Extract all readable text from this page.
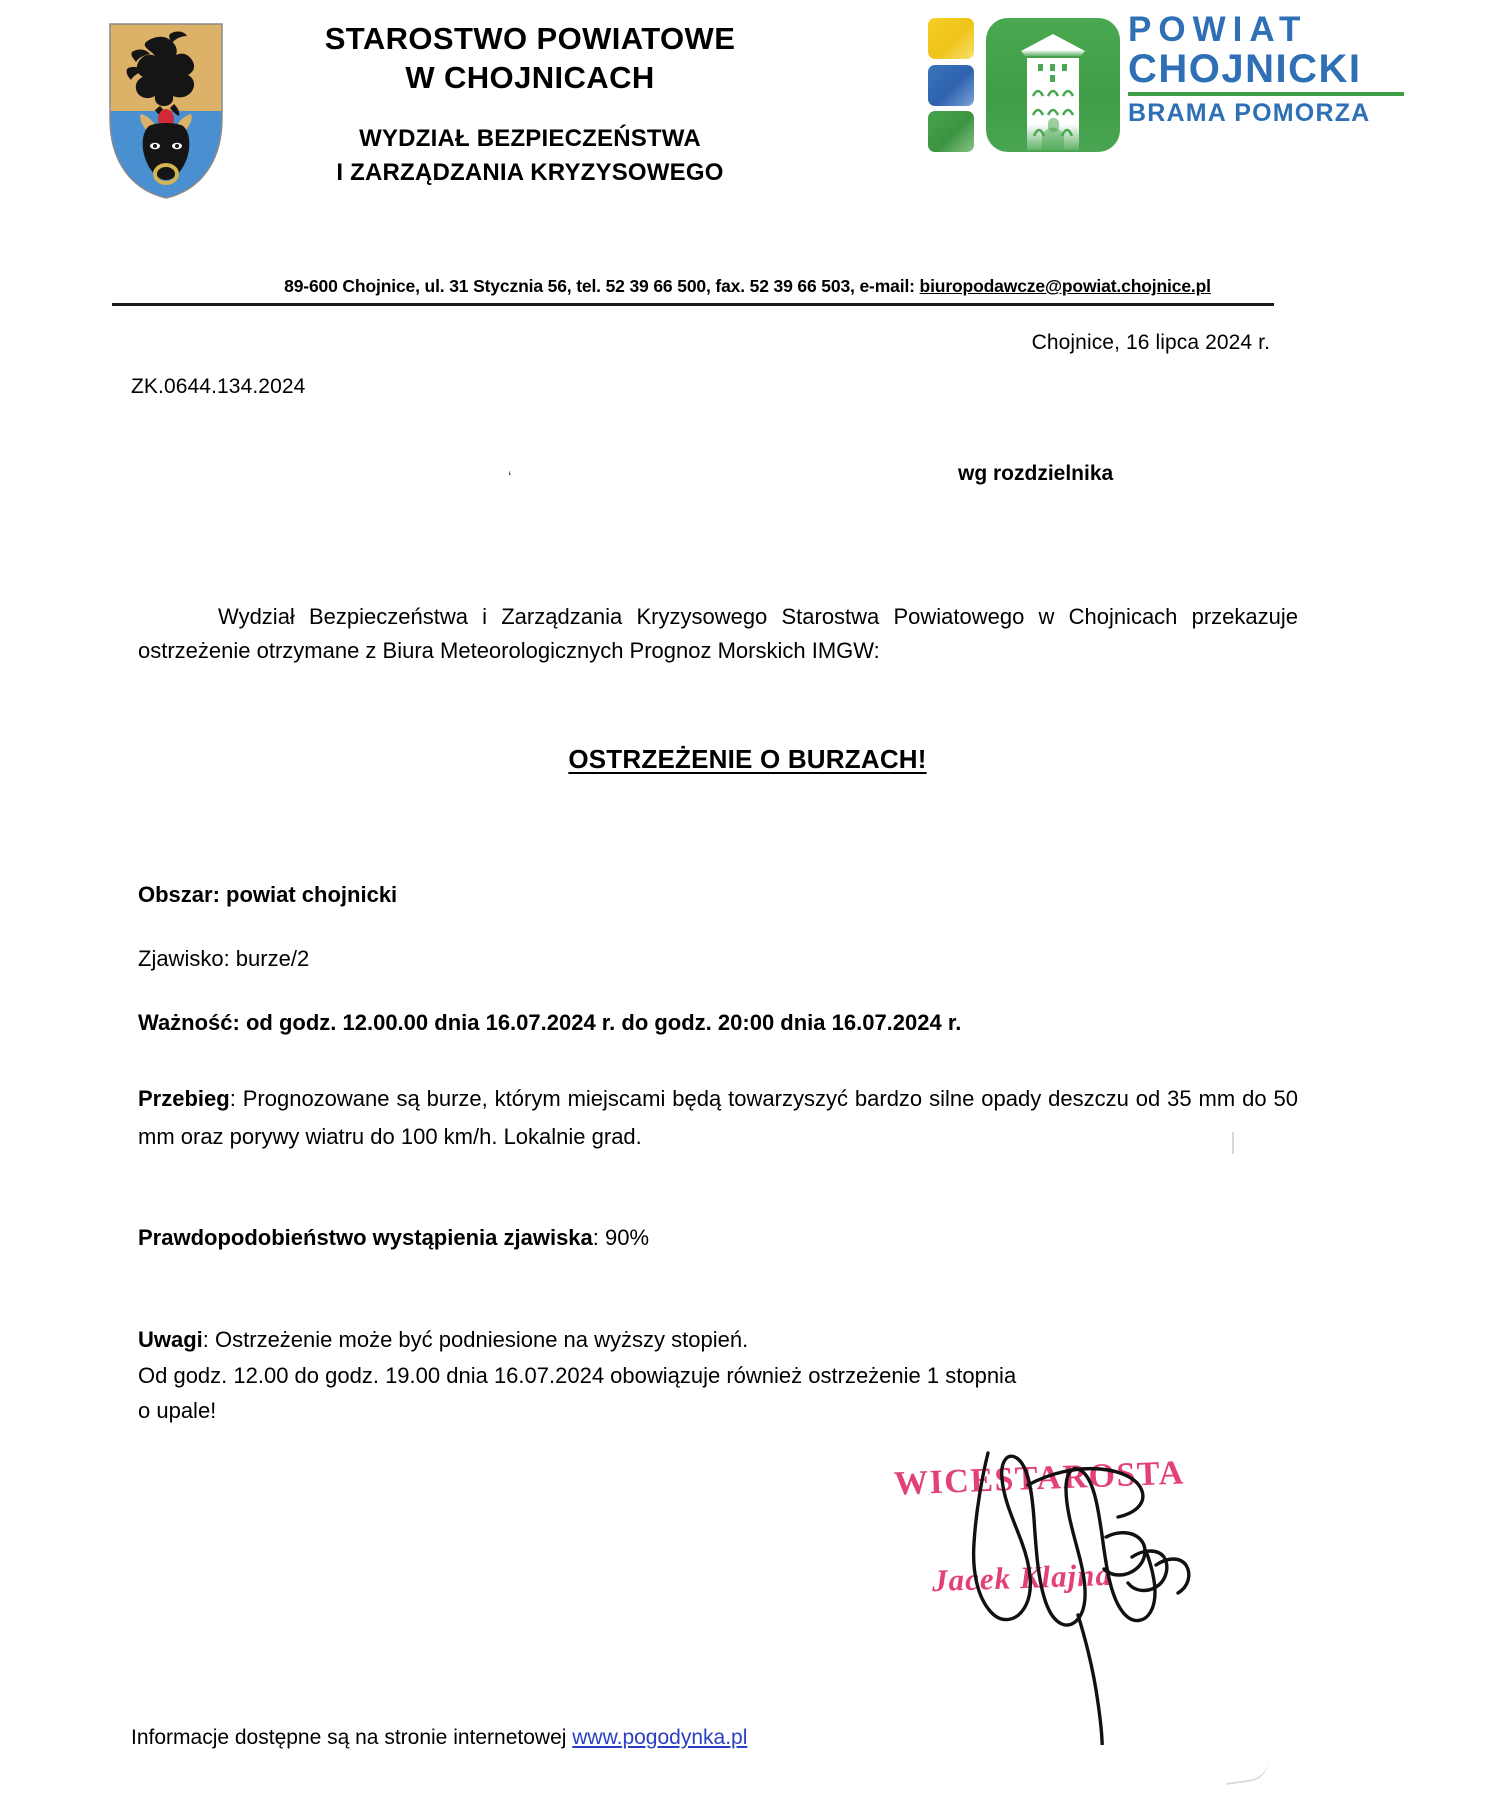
STAROSTWO POWIATOWE
W CHOJNICACH
WYDZIAŁ BEZPIECZEŃSTWA
I ZARZĄDZANIA KRYZYSOWEGO
POWIAT
CHOJNICKI
BRAMA POMORZA
89-600 Chojnice, ul. 31 Stycznia 56, tel. 52 39 66 500, fax. 52 39 66 503, e-mail: biuropodawcze@powiat.chojnice.pl
Chojnice, 16 lipca 2024 r.
ZK.0644.134.2024
ʻ	wg rozdzielnika
Wydział Bezpieczeństwa i Zarządzania Kryzysowego Starostwa Powiatowego w Chojnicach przekazuje ostrzeżenie otrzymane z Biura Meteorologicznych Prognoz Morskich IMGW:
OSTRZEŻENIE O BURZACH!
Obszar: powiat chojnicki
Zjawisko: burze/2
Ważność: od godz. 12.00.00 dnia 16.07.2024 r. do godz. 20:00 dnia 16.07.2024 r.
Przebieg: Prognozowane są burze, którym miejscami będą towarzyszyć bardzo silne opady deszczu od 35 mm do 50 mm oraz porywy wiatru do 100 km/h. Lokalnie grad.
Prawdopodobieństwo wystąpienia zjawiska: 90%
Uwagi: Ostrzeżenie może być podniesione na wyższy stopień.
Od godz. 12.00 do godz. 19.00 dnia 16.07.2024 obowiązuje również ostrzeżenie 1 stopnia
o upale!
WICESTAROSTA
Jacek Klajna
Informacje dostępne są na stronie internetowej www.pogodynka.pl
